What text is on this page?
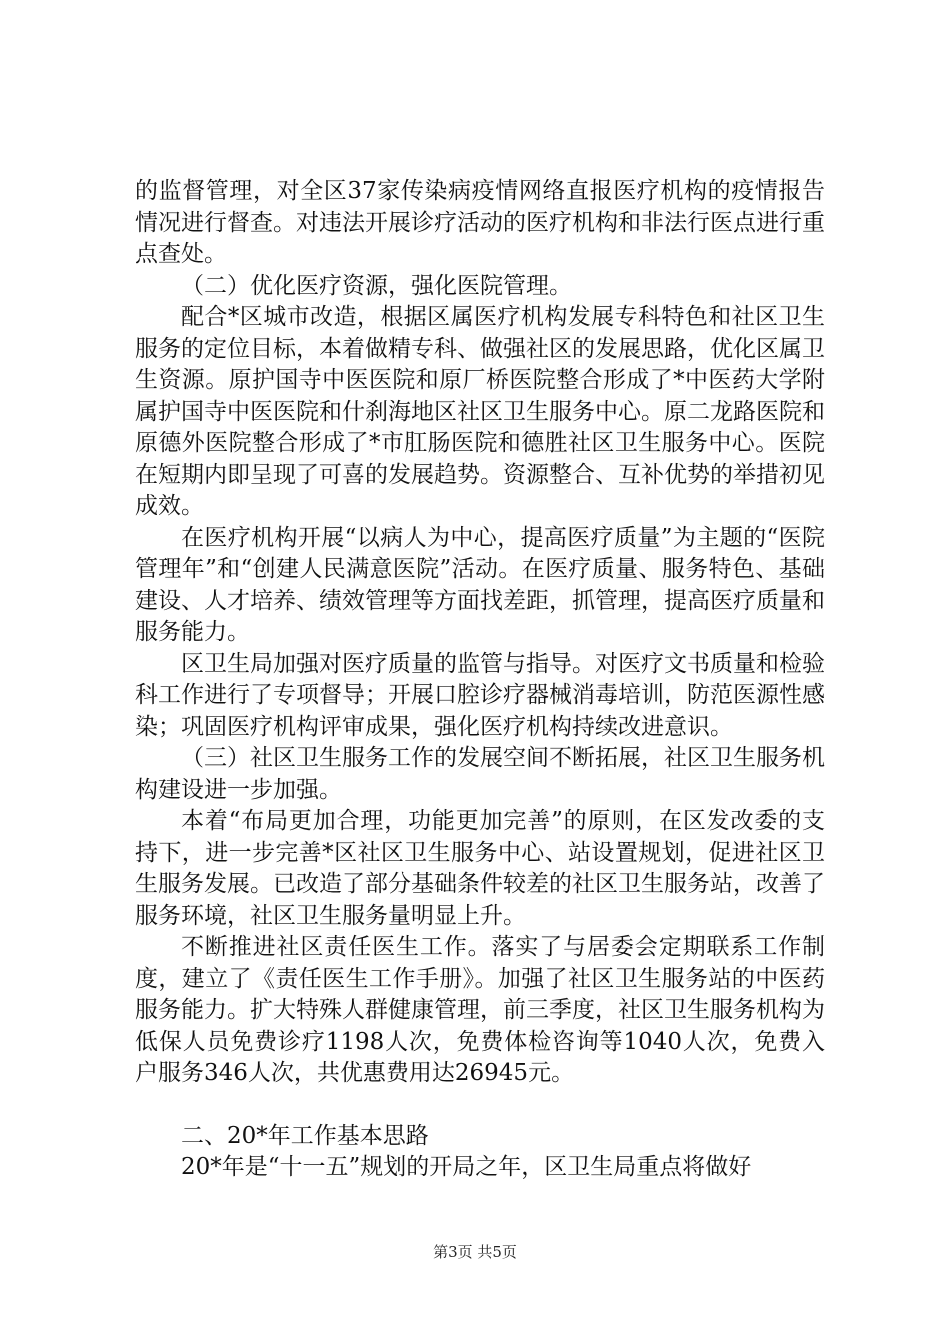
的监督管理，对全区37家传染病疫情网络直报医疗机构的疫情报告情况进行督查。对违法开展诊疗活动的医疗机构和非法行医点进行重点查处。

（二）优化医疗资源，强化医院管理。

配合*区城市改造，根据区属医疗机构发展专科特色和社区卫生服务的定位目标，本着做精专科、做强社区的发展思路，优化区属卫生资源。原护国寺中医医院和原厂桥医院整合形成了*中医药大学附属护国寺中医医院和什刹海地区社区卫生服务中心。原二龙路医院和原德外医院整合形成了*市肛肠医院和德胜社区卫生服务中心。医院在短期内即呈现了可喜的发展趋势。资源整合、互补优势的举措初见成效。

在医疗机构开展“以病人为中心，提高医疗质量”为主题的“医院管理年”和“创建人民满意医院”活动。在医疗质量、服务特色、基础建设、人才培养、绩效管理等方面找差距，抓管理，提高医疗质量和服务能力。

区卫生局加强对医疗质量的监管与指导。对医疗文书质量和检验科工作进行了专项督导；开展口腔诊疗器械消毒培训，防范医源性感染；巩固医疗机构评审成果，强化医疗机构持续改进意识。

（三）社区卫生服务工作的发展空间不断拓展，社区卫生服务机构建设进一步加强。

本着“布局更加合理，功能更加完善”的原则，在区发改委的支持下，进一步完善*区社区卫生服务中心、站设置规划，促进社区卫生服务发展。已改造了部分基础条件较差的社区卫生服务站，改善了服务环境，社区卫生服务量明显上升。

不断推进社区责任医生工作。落实了与居委会定期联系工作制度，建立了《责任医生工作手册》。加强了社区卫生服务站的中医药服务能力。扩大特殊人群健康管理，前三季度，社区卫生服务机构为低保人员免费诊疗1198人次，免费体检咨询等1040人次，免费入户服务346人次，共优惠费用达26945元。

二、20*年工作基本思路

20*年是“十一五”规划的开局之年，区卫生局重点将做好

第3页 共5页
